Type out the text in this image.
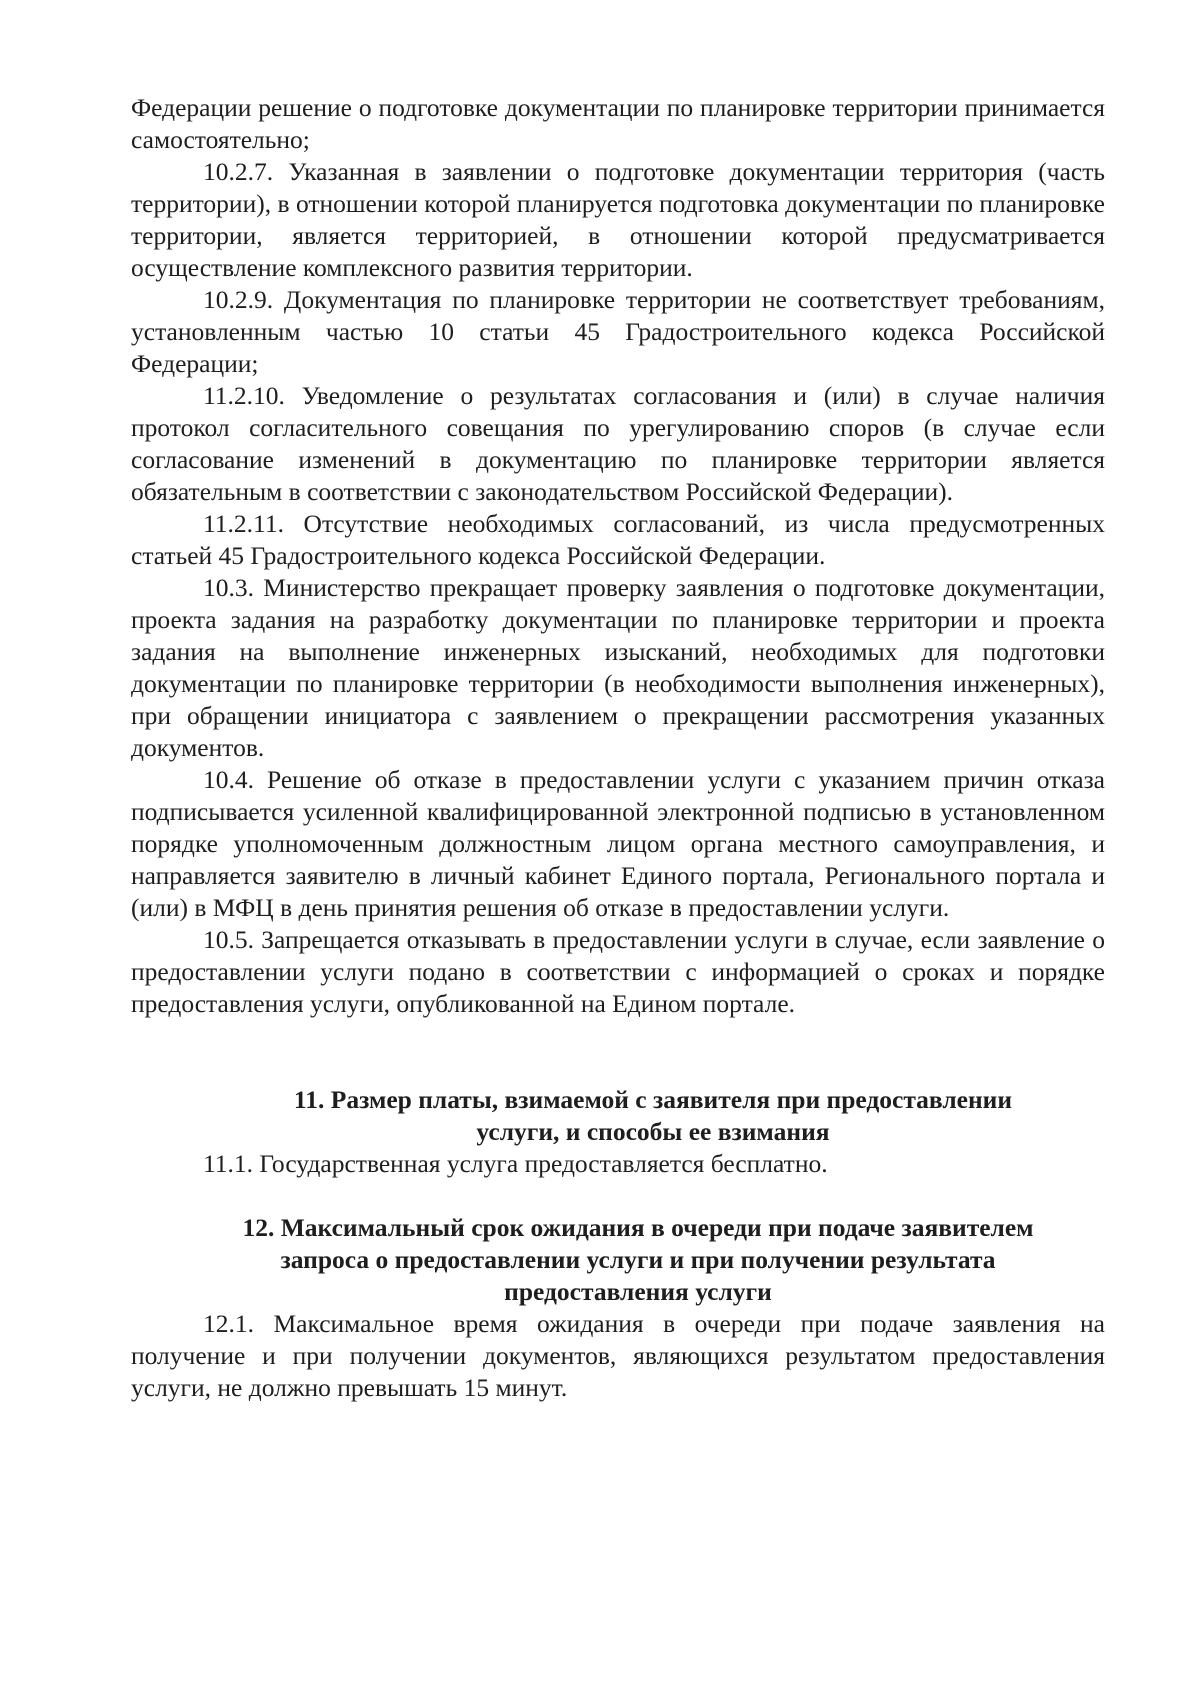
Федерации решение о подготовке документации по планировке территории принимается самостоятельно;

10.2.7. Указанная в заявлении о подготовке документации территория (часть территории), в отношении которой планируется подготовка документации по планировке территории, является территорией, в отношении которой предусматривается осуществление комплексного развития территории.

10.2.9. Документация по планировке территории не соответствует требованиям, установленным частью 10 статьи 45 Градостроительного кодекса Российской Федерации;

11.2.10. Уведомление о результатах согласования и (или) в случае наличия протокол согласительного совещания по урегулированию споров (в случае если согласование изменений в документацию по планировке территории является обязательным в соответствии с законодательством Российской Федерации).

11.2.11. Отсутствие необходимых согласований, из числа предусмотренных статьей 45 Градостроительного кодекса Российской Федерации.

10.3. Министерство прекращает проверку заявления о подготовке документации, проекта задания на разработку документации по планировке территории и проекта задания на выполнение инженерных изысканий, необходимых для подготовки документации по планировке территории (в необходимости выполнения инженерных), при обращении инициатора с заявлением о прекращении рассмотрения указанных документов.

10.4. Решение об отказе в предоставлении услуги с указанием причин отказа подписывается усиленной квалифицированной электронной подписью в установленном порядке уполномоченным должностным лицом органа местного самоуправления, и направляется заявителю в личный кабинет Единого портала, Регионального портала и (или) в МФЦ в день принятия решения об отказе в предоставлении услуги.

10.5. Запрещается отказывать в предоставлении услуги в случае, если заявление о предоставлении услуги подано в соответствии с информацией о сроках и порядке предоставления услуги, опубликованной на Едином портале.

11. Размер платы, взимаемой с заявителя при предоставлении
услуги, и способы ее взимания

11.1. Государственная услуга предоставляется бесплатно.

12. Максимальный срок ожидания в очереди при подаче заявителем
запроса о предоставлении услуги и при получении результата
предоставления услуги

12.1. Максимальное время ожидания в очереди при подаче заявления на получение и при получении документов, являющихся результатом предоставления услуги, не должно превышать 15 минут.
